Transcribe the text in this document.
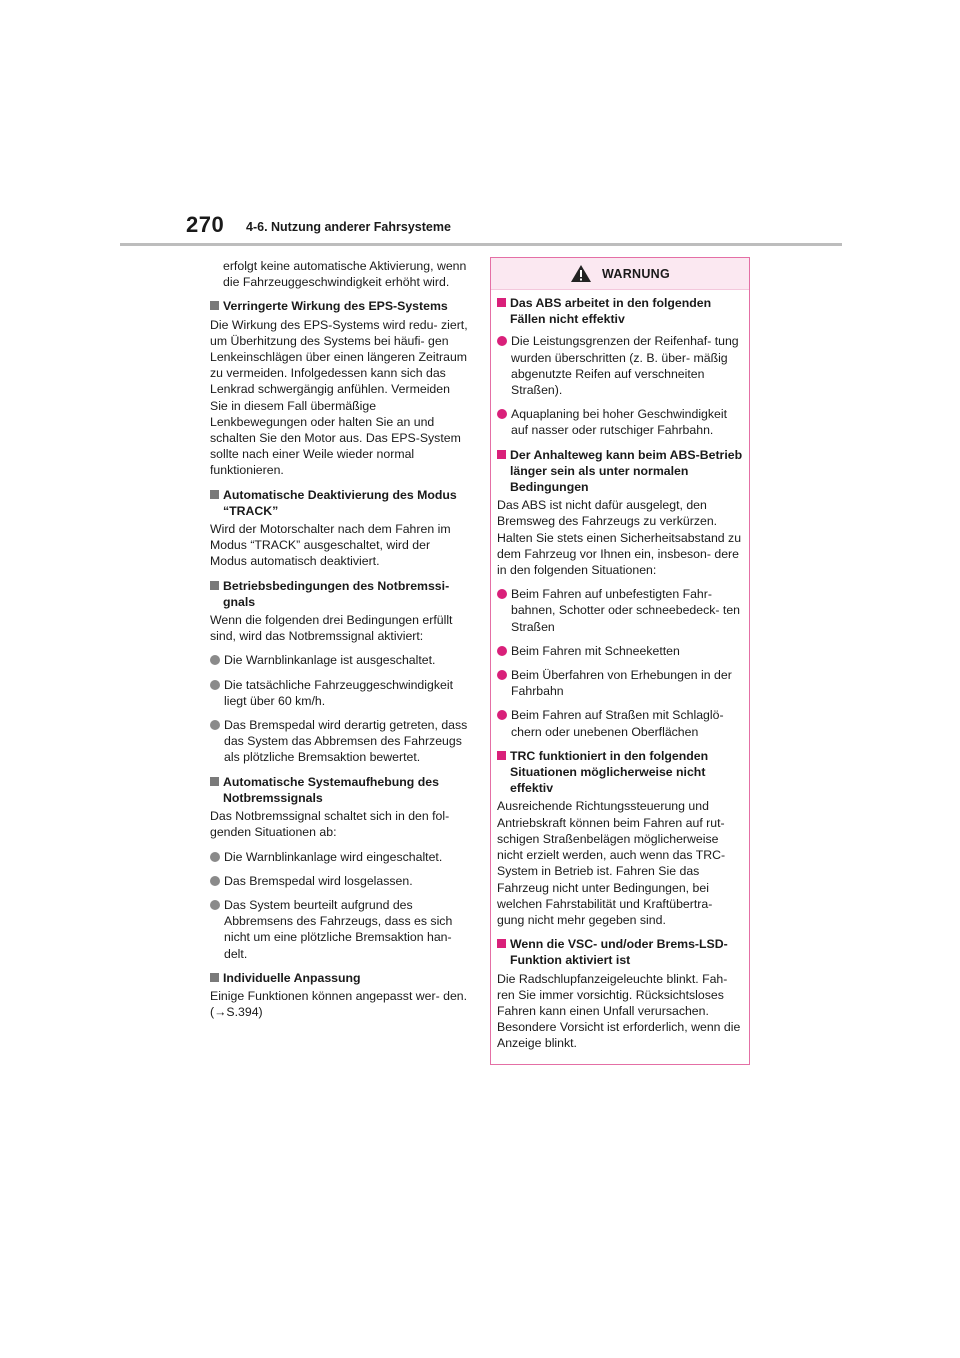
270 4-6. Nutzung anderer Fahrsysteme
erfolgt keine automatische Aktivierung, wenn die Fahrzeuggeschwindigkeit erhöht wird.
Verringerte Wirkung des EPS-Systems

Die Wirkung des EPS-Systems wird redu- ziert, um Überhitzung des Systems bei häufi- gen Lenkeinschlägen über einen längeren Zeitraum zu vermeiden. Infolgedessen kann sich das Lenkrad schwergängig anfühlen. Vermeiden Sie in diesem Fall übermäßige Lenkbewegungen oder halten Sie an und schalten Sie den Motor aus. Das EPS-System sollte nach einer Weile wieder normal funktionieren.

Automatische Deaktivierung des Modus “TRACK”

Wird der Motorschalter nach dem Fahren im Modus “TRACK” ausgeschaltet, wird der Modus automatisch deaktiviert.

Betriebsbedingungen des Notbremssi- gnals

Wenn die folgenden drei Bedingungen erfüllt sind, wird das Notbremssignal aktiviert:

Die Warnblinkanlage ist ausgeschaltet.
Die tatsächliche Fahrzeuggeschwindigkeit liegt über 60 km/h.
Das Bremspedal wird derartig getreten, dass das System das Abbremsen des Fahrzeugs als plötzliche Bremsaktion bewertet.
Automatische Systemaufhebung des Notbremssignals

Das Notbremssignal schaltet sich in den fol- genden Situationen ab:

Die Warnblinkanlage wird eingeschaltet.
Das Bremspedal wird losgelassen.
Das System beurteilt aufgrund des Abbremsens des Fahrzeugs, dass es sich nicht um eine plötzliche Bremsaktion han- delt.
Individuelle Anpassung

Einige Funktionen können angepasst wer- den. (→S.394)

WARNUNG
Das ABS arbeitet in den folgenden Fällen nicht effektiv
Die Leistungsgrenzen der Reifenhaf- tung wurden überschritten (z. B. über- mäßig abgenutzte Reifen auf verschneiten Straßen).
Aquaplaning bei hoher Geschwindigkeit auf nasser oder rutschiger Fahrbahn.
Der Anhalteweg kann beim ABS-Betrieb länger sein als unter normalen Bedingungen

Das ABS ist nicht dafür ausgelegt, den Bremsweg des Fahrzeugs zu verkürzen. Halten Sie stets einen Sicherheitsabstand zu dem Fahrzeug vor Ihnen ein, insbeson- dere in den folgenden Situationen:

Beim Fahren auf unbefestigten Fahr- bahnen, Schotter oder schneebedeck- ten Straßen
Beim Fahren mit Schneeketten
Beim Überfahren von Erhebungen in der Fahrbahn
Beim Fahren auf Straßen mit Schlaglö- chern oder unebenen Oberflächen
TRC funktioniert in den folgenden Situationen möglicherweise nicht effektiv

Ausreichende Richtungssteuerung und Antriebskraft können beim Fahren auf rut- schigen Straßenbelägen möglicherweise nicht erzielt werden, auch wenn das TRC-System in Betrieb ist. Fahren Sie das Fahrzeug nicht unter Bedingungen, bei welchen Fahrstabilität und Kraftübertra- gung nicht mehr gegeben sind.

Wenn die VSC- und/oder Brems-LSD-Funktion aktiviert ist

Die Radschlupfanzeigeleuchte blinkt. Fah- ren Sie immer vorsichtig. Rücksichtsloses Fahren kann einen Unfall verursachen. Besondere Vorsicht ist erforderlich, wenn die Anzeige blinkt.
